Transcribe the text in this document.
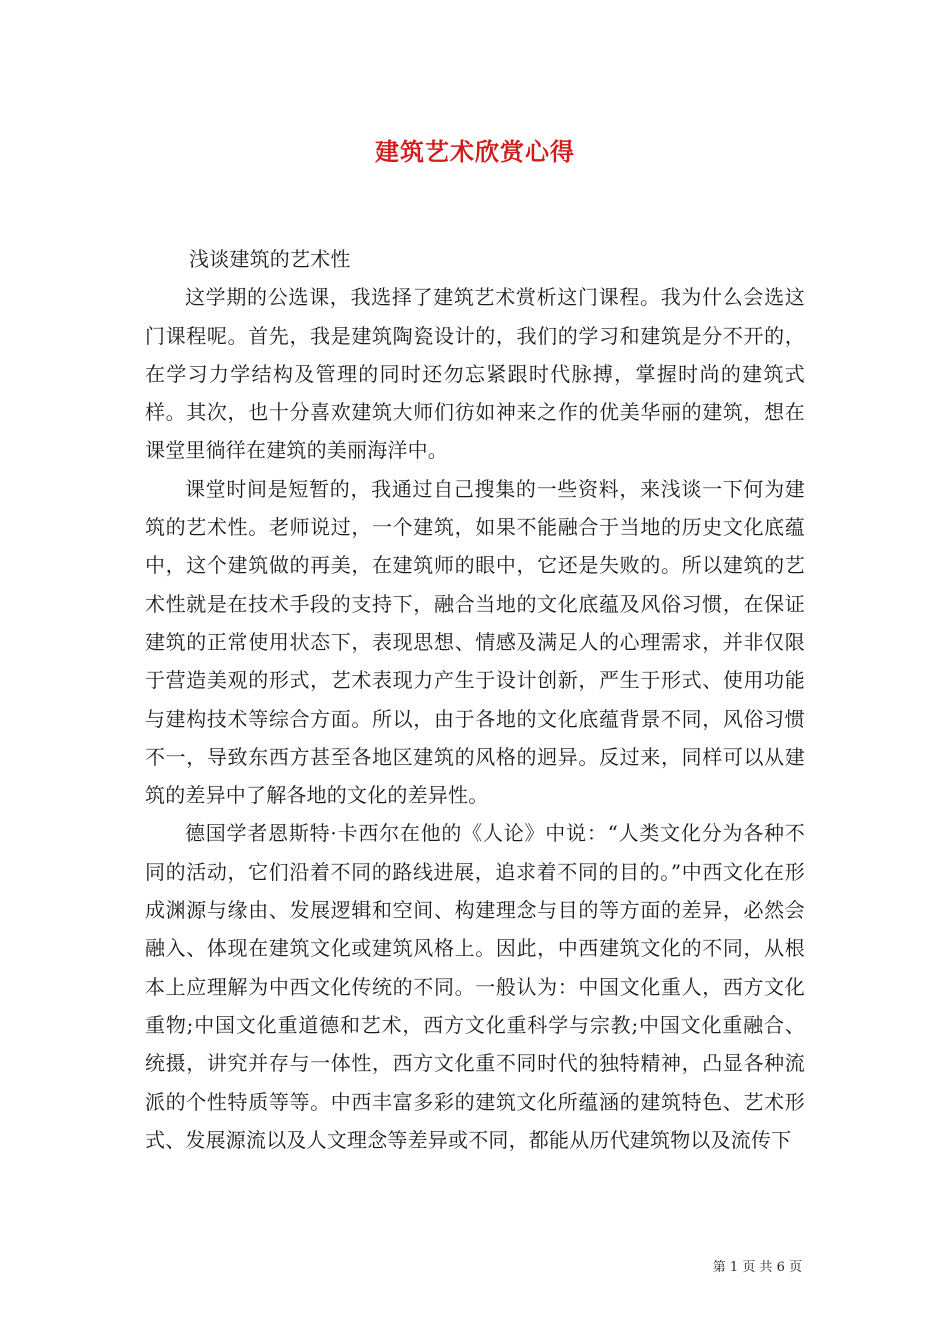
建筑艺术欣赏心得

浅谈建筑的艺术性

这学期的公选课，我选择了建筑艺术赏析这门课程。我为什么会选这门课程呢。首先，我是建筑陶瓷设计的，我们的学习和建筑是分不开的，在学习力学结构及管理的同时还勿忘紧跟时代脉搏，掌握时尚的建筑式样。其次，也十分喜欢建筑大师们彷如神来之作的优美华丽的建筑，想在课堂里徜徉在建筑的美丽海洋中。

课堂时间是短暂的，我通过自己搜集的一些资料，来浅谈一下何为建筑的艺术性。老师说过，一个建筑，如果不能融合于当地的历史文化底蕴中，这个建筑做的再美，在建筑师的眼中，它还是失败的。所以建筑的艺术性就是在技术手段的支持下，融合当地的文化底蕴及风俗习惯，在保证建筑的正常使用状态下，表现思想、情感及满足人的心理需求，并非仅限于营造美观的形式，艺术表现力产生于设计创新，严生于形式、使用功能与建构技术等综合方面。所以，由于各地的文化底蕴背景不同，风俗习惯不一，导致东西方甚至各地区建筑的风格的迥异。反过来，同样可以从建筑的差异中了解各地的文化的差异性。

德国学者恩斯特·卡西尔在他的《人论》中说：“人类文化分为各种不同的活动，它们沿着不同的路线进展，追求着不同的目的。”中西文化在形成渊源与缘由、发展逻辑和空间、构建理念与目的等方面的差异，必然会融入、体现在建筑文化或建筑风格上。因此，中西建筑文化的不同，从根本上应理解为中西文化传统的不同。一般认为：中国文化重人，西方文化重物;中国文化重道德和艺术，西方文化重科学与宗教;中国文化重融合、统摄，讲究并存与一体性，西方文化重不同时代的独特精神，凸显各种流派的个性特质等等。中西丰富多彩的建筑文化所蕴涵的建筑特色、艺术形式、发展源流以及人文理念等差异或不同，都能从历代建筑物以及流传下

第 1 页 共 6 页
